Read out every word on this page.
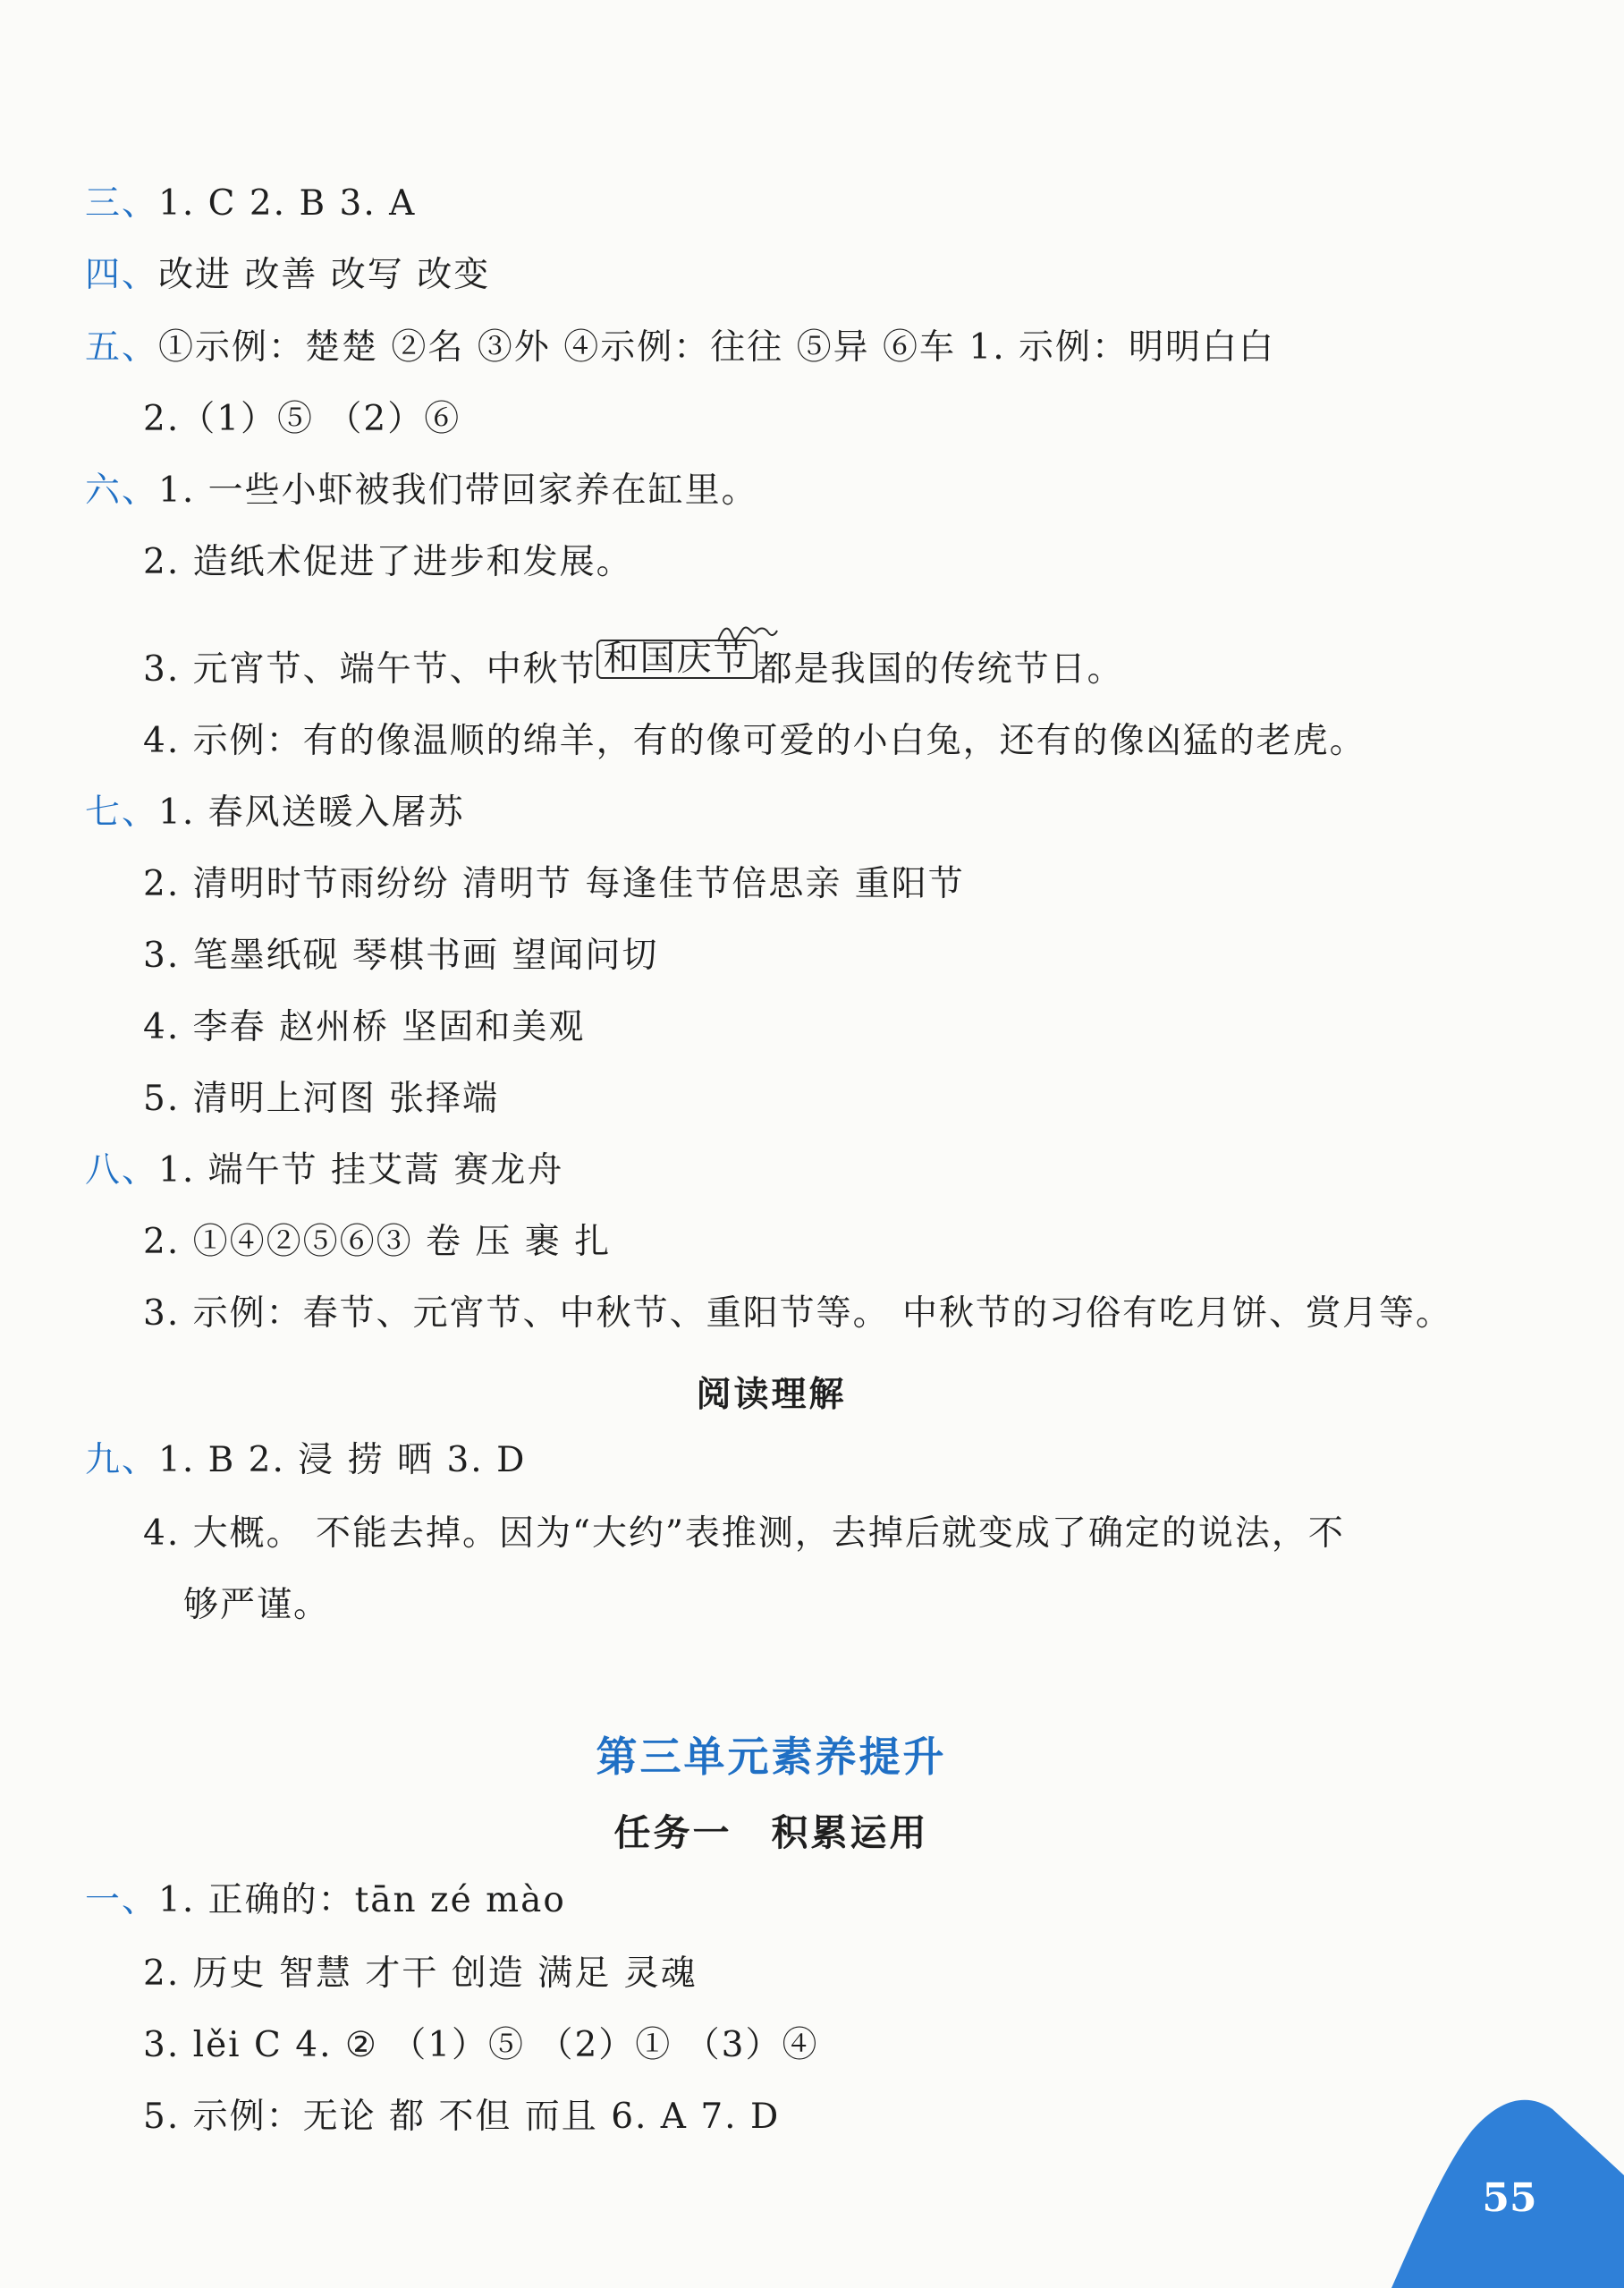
三、1. C 2. B 3. A
四、改进 改善 改写 改变
五、①示例：楚楚 ②名 ③外 ④示例：往往 ⑤异 ⑥车 1. 示例：明明白白
2.（1）⑤ （2）⑥
六、1. 一些小虾被我们带回家养在缸里。
2. 造纸术促进了进步和发展。
3. 元宵节、端午节、中秋节 和国庆节 都是我国的传统节日。
4. 示例：有的像温顺的绵羊，有的像可爱的小白兔，还有的像凶猛的老虎。
七、1. 春风送暖入屠苏
2. 清明时节雨纷纷 清明节 每逢佳节倍思亲 重阳节
3. 笔墨纸砚 琴棋书画 望闻问切
4. 李春 赵州桥 坚固和美观
5. 清明上河图 张择端
八、1. 端午节 挂艾蒿 赛龙舟
2. ①④②⑤⑥③ 卷 压 裹 扎
3. 示例：春节、元宵节、中秋节、重阳节等。 中秋节的习俗有吃月饼、赏月等。
阅读理解
九、1. B 2. 浸 捞 晒 3. D
4. 大概。 不能去掉。因为“大约”表推测，去掉后就变成了确定的说法，不
够严谨。
第三单元素养提升
任务一　积累运用
一、1. 正确的：tān zé mào
2. 历史 智慧 才干 创造 满足 灵魂
3. lěi C 4. ② （1）⑤ （2）① （3）④
5. 示例：无论 都 不但 而且 6. A 7. D
55
